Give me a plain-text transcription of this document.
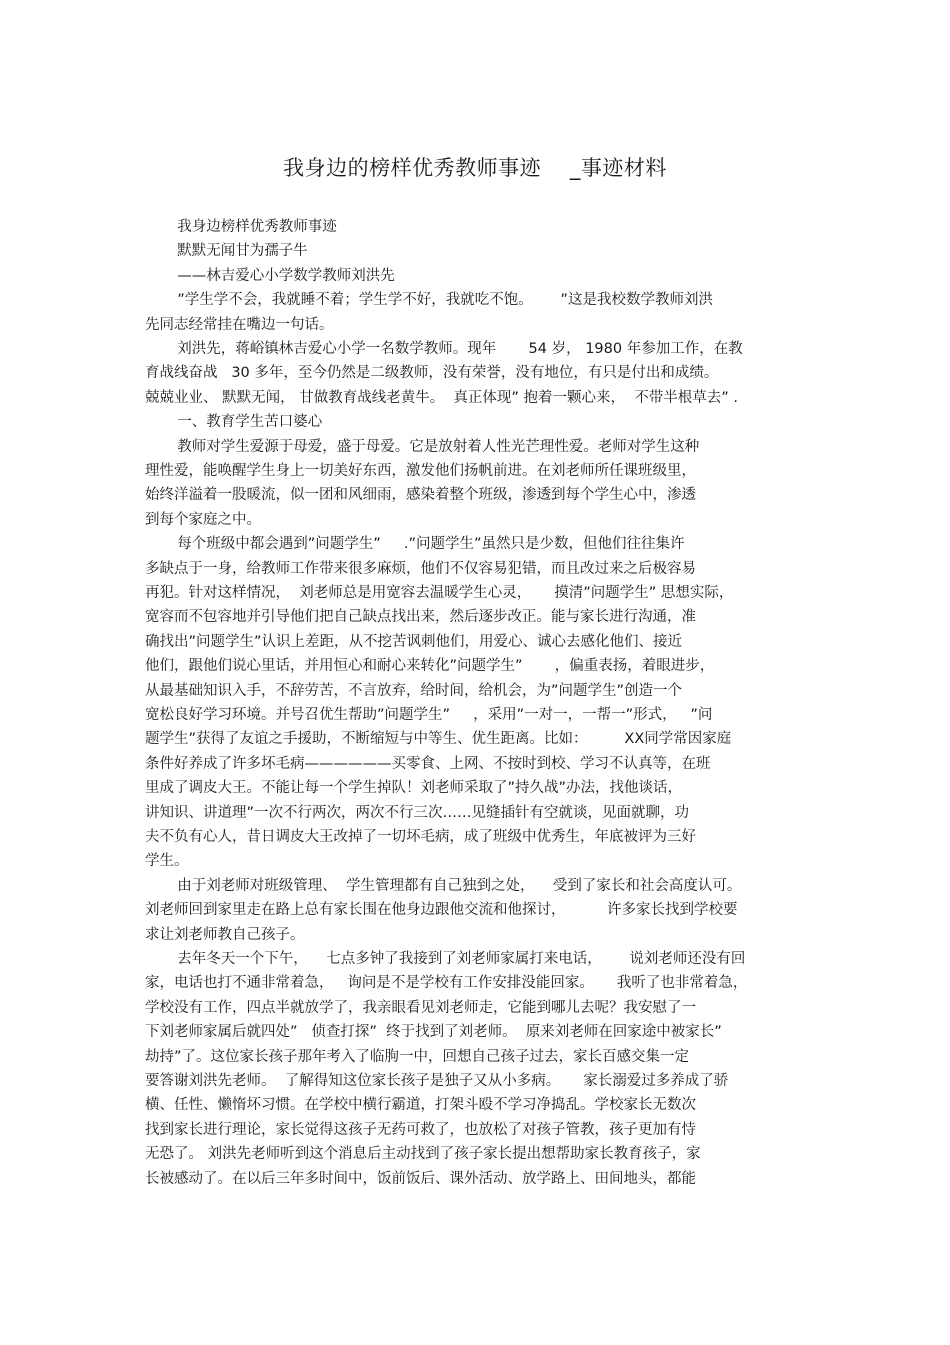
我身边的榜样优秀教师事迹    _事迹材料
我身边榜样优秀教师事迹
默默无闻甘为孺子牛
——林吉爱心小学数学教师刘洪先
”学生学不会，我就睡不着；学生学不好，我就吃不饱。      ”这是我校数学教师刘洪
先同志经常挂在嘴边一句话。
刘洪先，蒋峪镇林吉爱心小学一名数学教师。现年       54 岁， 1980 年参加工作，在教
育战线奋战   30 多年，至今仍然是二级教师，没有荣誉，没有地位，有只是付出和成绩。
兢兢业业、 默默无闻， 甘做教育战线老黄牛。  真正体现” 抱着一颗心来，  不带半根草去” .
一、教育学生苦口婆心
教师对学生爱源于母爱，盛于母爱。它是放射着人性光芒理性爱。老师对学生这种
理性爱，能唤醒学生身上一切美好东西，激发他们扬帆前进。在刘老师所任课班级里，
始终洋溢着一股暖流，似一团和风细雨，感染着整个班级，渗透到每个学生心中，渗透
到每个家庭之中。
每个班级中都会遇到”问题学生”     .”问题学生”虽然只是少数，但他们往往集许
多缺点于一身，给教师工作带来很多麻烦，他们不仅容易犯错，而且改过来之后极容易
再犯。针对这样情况，  刘老师总是用宽容去温暖学生心灵，     摸清”问题学生” 思想实际，
宽容而不包容地并引导他们把自己缺点找出来，然后逐步改正。能与家长进行沟通，准
确找出”问题学生”认识上差距，从不挖苦讽刺他们，用爱心、诚心去感化他们、接近
他们，跟他们说心里话，并用恒心和耐心来转化”问题学生”       ，偏重表扬，着眼进步，
从最基础知识入手，不辞劳苦，不言放弃，给时间，给机会，为”问题学生”创造一个
宽松良好学习环境。并号召优生帮助”问题学生”     ，采用”一对一，一帮一”形式，   ”问
题学生”获得了友谊之手援助，不断缩短与中等生、优生距离。比如：        XX同学常因家庭
条件好养成了许多坏毛病——————买零食、上网、不按时到校、学习不认真等，在班
里成了调皮大王。不能让每一个学生掉队！刘老师采取了”持久战”办法，找他谈话，
讲知识、讲道理”一次不行两次，两次不行三次……见缝插针有空就谈，见面就聊，功
夫不负有心人，昔日调皮大王改掉了一切坏毛病，成了班级中优秀生，年底被评为三好
学生。
由于刘老师对班级管理、  学生管理都有自己独到之处，    受到了家长和社会高度认可。
刘老师回到家里走在路上总有家长围在他身边跟他交流和他探讨，         许多家长找到学校要
求让刘老师教自己孩子。
去年冬天一个下午，    七点多钟了我接到了刘老师家属打来电话，      说刘老师还没有回
家，电话也打不通非常着急，   询问是不是学校有工作安排没能回家。     我听了也非常着急，
学校没有工作，四点半就放学了，我亲眼看见刘老师走，它能到哪儿去呢？我安慰了一
下刘老师家属后就四处”   侦查打探”  终于找到了刘老师。  原来刘老师在回家途中被家长”
劫持”了。这位家长孩子那年考入了临朐一中，回想自己孩子过去，家长百感交集一定
要答谢刘洪先老师。  了解得知这位家长孩子是独子又从小多病。     家长溺爱过多养成了骄
横、任性、懒惰坏习惯。在学校中横行霸道，打架斗殴不学习净捣乱。学校家长无数次
找到家长进行理论，家长觉得这孩子无药可救了，也放松了对孩子管教，孩子更加有恃
无恐了。 刘洪先老师听到这个消息后主动找到了孩子家长提出想帮助家长教育孩子，家
长被感动了。在以后三年多时间中，饭前饭后、课外活动、放学路上、田间地头，都能
